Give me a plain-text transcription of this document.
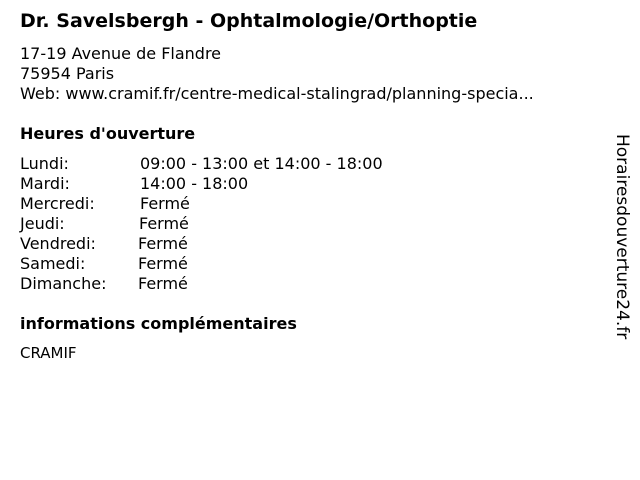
Dr. Savelsbergh - Ophtalmologie/Orthoptie
17-19 Avenue de Flandre
75954 Paris
Web: www.cramif.fr/centre-medical-stalingrad/planning-specia...
Heures d'ouverture
Lundi:	09:00 - 13:00 et 14:00 - 18:00
Mardi:	14:00 - 18:00
Mercredi:	Fermé
Jeudi:	Fermé
Vendredi:	Fermé
Samedi:	Fermé
Dimanche:	Fermé
informations complémentaires
CRAMIF
Horairesdouverture24.fr
